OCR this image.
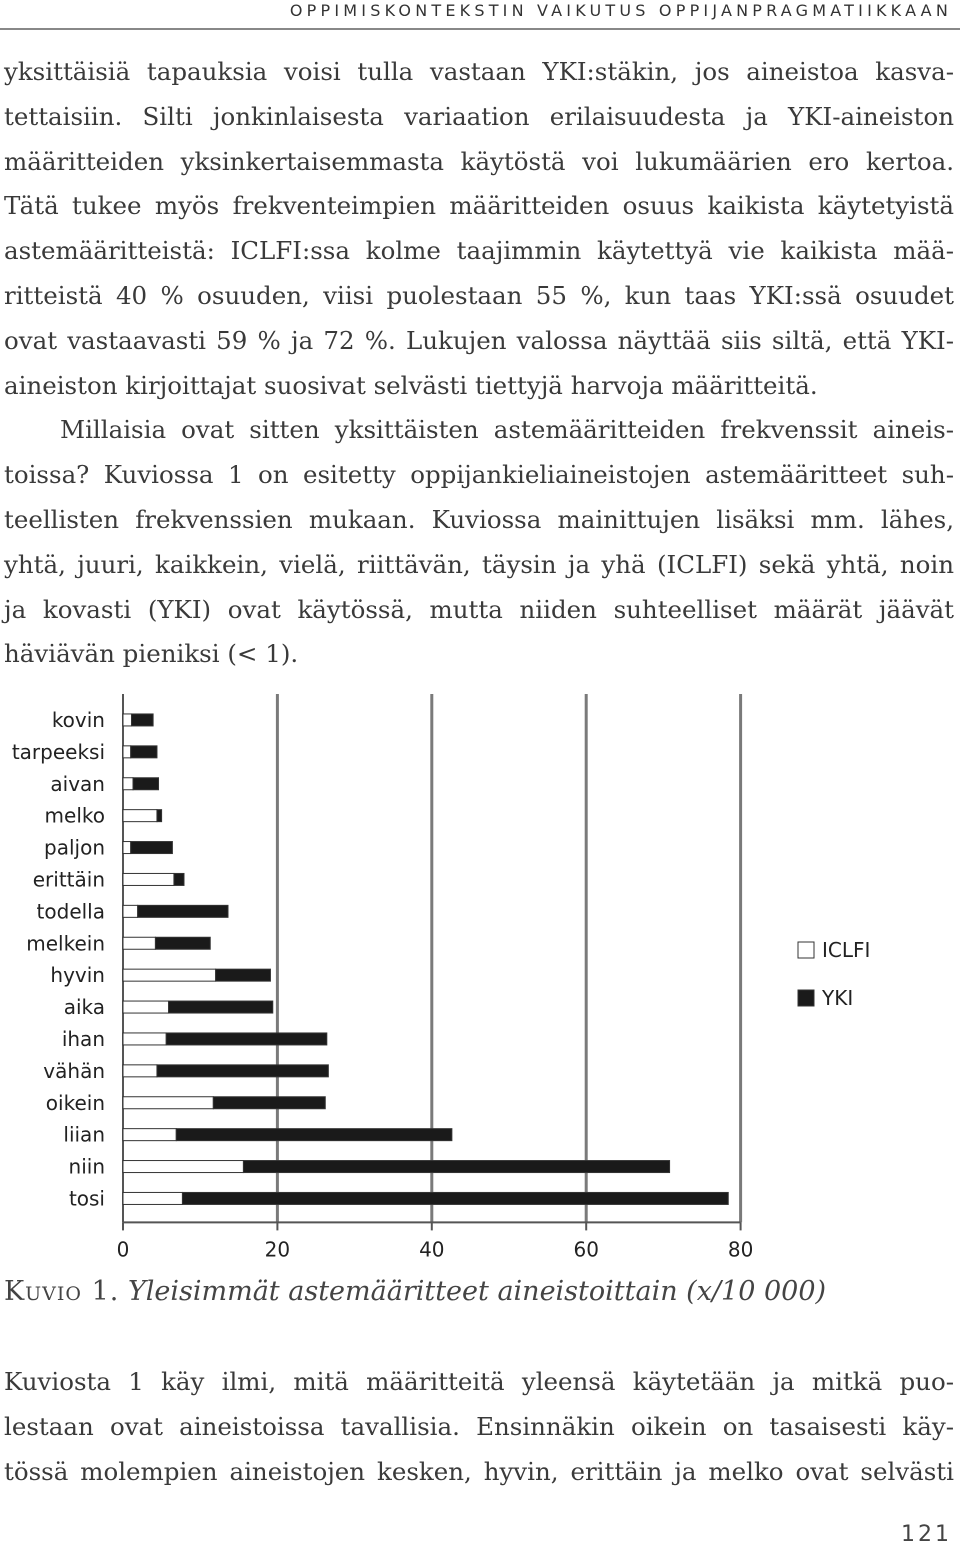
OPPIMISKONTEKSTIN VAIKUTUS OPPIJANPRAGMATIIKKAAN

yksittäisiä tapauksia voisi tulla vastaan YKI:stäkin, jos aineistoa kasva-
tettaisiin. Silti jonkinlaisesta variaation erilaisuudesta ja YKI-aineiston
määritteiden yksinkertaisemmasta käytöstä voi lukumäärien ero kertoa.
Tätä tukee myös frekventeimpien määritteiden osuus kaikista käytetyistä
astemääritteistä: ICLFI:ssa kolme taajimmin käytettyä vie kaikista mää-
ritteistä 40 % osuuden, viisi puolestaan 55 %, kun taas YKI:ssä osuudet
ovat vastaavasti 59 % ja 72 %. Lukujen valossa näyttää siis siltä, että YKI-
aineiston kirjoittajat suosivat selvästi tiettyjä harvoja määritteitä.

Millaisia ovat sitten yksittäisten astemääritteiden frekvenssit aineis-
toissa? Kuviossa 1 on esitetty oppijankieliaineistojen astemääritteet suh-
teellisten frekvenssien mukaan. Kuviossa mainittujen lisäksi mm. lähes,
yhtä, juuri, kaikkein, vielä, riittävän, täysin ja yhä (ICLFI) sekä yhtä, noin
ja kovasti (YKI) ovat käytössä, mutta niiden suhteelliset määrät jäävät
häviävän pieniksi (< 1).

0	20	40	60	80
kovin
tarpeeksi
aivan
melko
paljon
erittäin
todella
melkein
hyvin
aika
ihan
vähän
oikein
liian
niin
tosi
ICLFI
YKI
Kuvio 1. Yleisimmät astemääritteet aineistoittain (x/10 000)

Kuviosta 1 käy ilmi, mitä määritteitä yleensä käytetään ja mitkä puo-
lestaan ovat aineistoissa tavallisia. Ensinnäkin oikein on tasaisesti käy-
tössä molempien aineistojen kesken, hyvin, erittäin ja melko ovat selvästi

121
